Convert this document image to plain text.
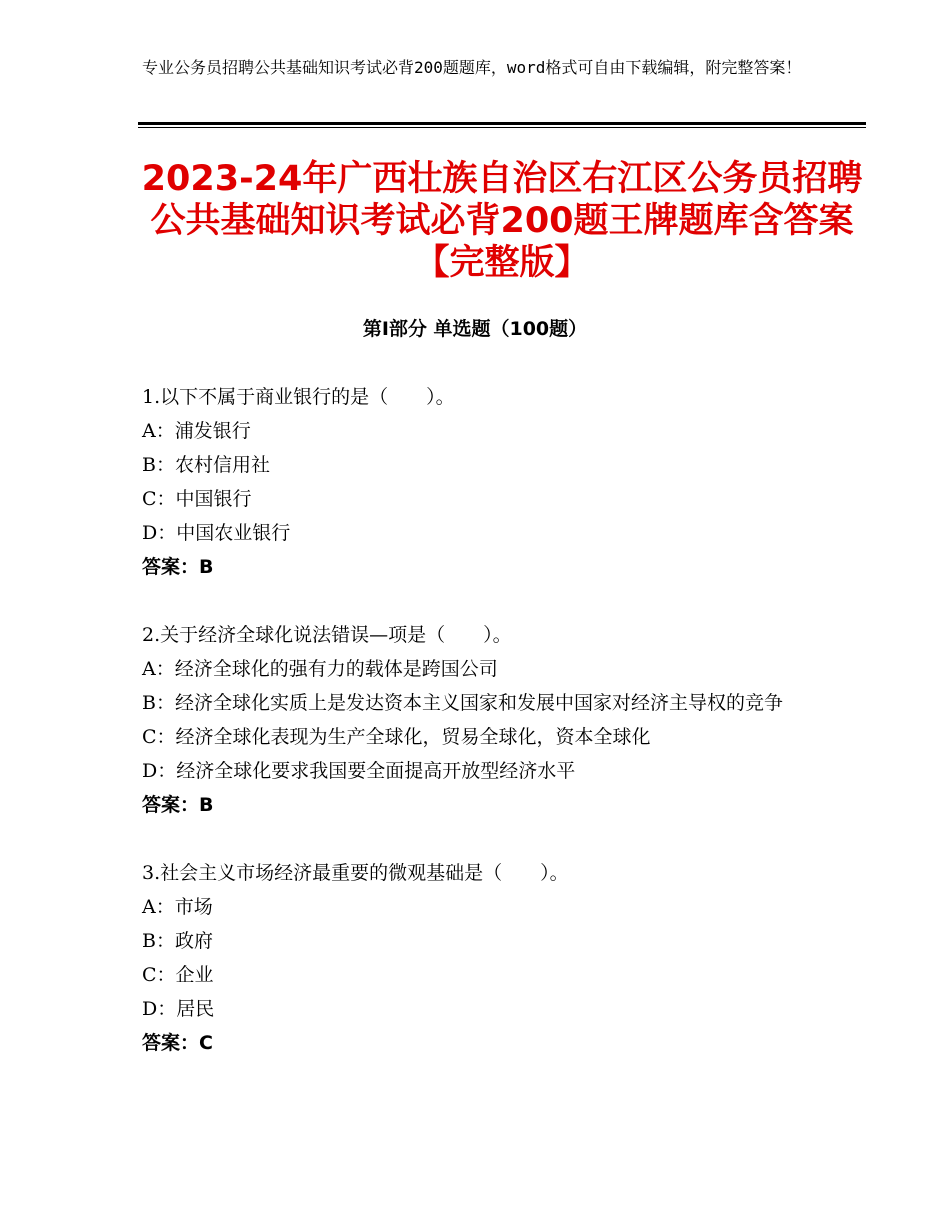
专业公务员招聘公共基础知识考试必背200题题库，word格式可自由下载编辑，附完整答案！
2023-24年广西壮族自治区右江区公务员招聘公共基础知识考试必背200题王牌题库含答案【完整版】
第Ⅰ部分 单选题（100题）
1.以下不属于商业银行的是（　　）。
A：浦发银行
B：农村信用社
C：中国银行
D：中国农业银行
答案：B
2.关于经济全球化说法错误—项是（　　）。
A：经济全球化的强有力的载体是跨国公司
B：经济全球化实质上是发达资本主义国家和发展中国家对经济主导权的竞争
C：经济全球化表现为生产全球化，贸易全球化，资本全球化
D：经济全球化要求我国要全面提高开放型经济水平
答案：B
3.社会主义市场经济最重要的微观基础是（　　）。
A：市场
B：政府
C：企业
D：居民
答案：C
